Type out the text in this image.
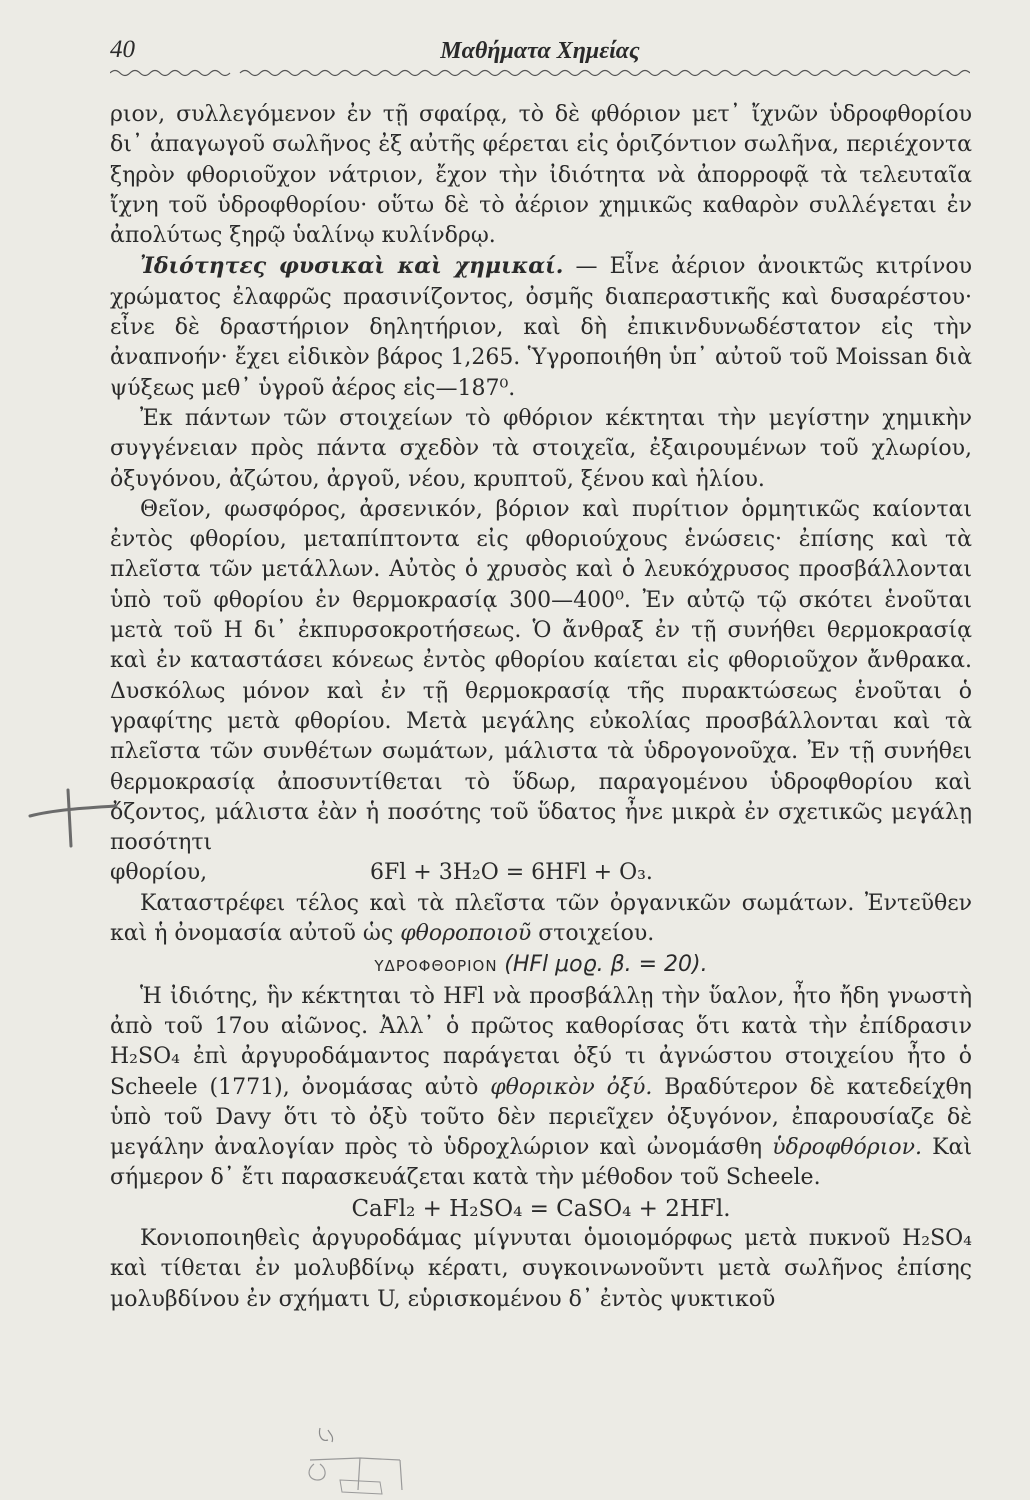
40	Μαθήματα Χημείας

ριον, συλλεγόμενον ἐν τῇ σφαίρᾳ, τὸ δὲ φθόριον μετ᾽ ἴχνῶν ὑδροφθορίου δι᾽ ἀπαγωγοῦ σωλῆνος ἐξ αὐτῆς φέρεται εἰς ὁριζόντιον σωλῆνα, περιέχοντα ξηρὸν φθοριοῦχον νάτριον, ἔχον τὴν ἰδιότητα νὰ ἀπορροφᾷ τὰ τελευταῖα ἴχνη τοῦ ὑδροφθορίου· οὕτω δὲ τὸ ἀέριον χημικῶς καθαρὸν συλλέγεται ἐν ἀπολύτως ξηρῷ ὑαλίνῳ κυλίνδρῳ.

Ἰδιότητες φυσικαὶ καὶ χημικαί. — Εἶνε ἀέριον ἀνοικτῶς κιτρίνου χρώματος ἐλαφρῶς πρασινίζοντος, ὀσμῆς διαπεραστικῆς καὶ δυσαρέστου· εἶνε δὲ δραστήριον δηλητήριον, καὶ δὴ ἐπικινδυνωδέστατον εἰς τὴν ἀναπνοήν· ἔχει εἰδικὸν βάρος 1,265. Ὑγροποιήθη ὑπ᾽ αὐτοῦ τοῦ Moissan διὰ ψύξεως μεθ᾽ ὑγροῦ ἀέρος εἰς—187⁰.

Ἐκ πάντων τῶν στοιχείων τὸ φθόριον κέκτηται τὴν μεγίστην χημικὴν συγγένειαν πρὸς πάντα σχεδὸν τὰ στοιχεῖα, ἐξαιρουμένων τοῦ χλωρίου, ὀξυγόνου, ἀζώτου, ἀργοῦ, νέου, κρυπτοῦ, ξένου καὶ ἡλίου.

Θεῖον, φωσφόρος, ἀρσενικόν, βόριον καὶ πυρίτιον ὁρμητικῶς καίονται ἐντὸς φθορίου, μεταπίπτοντα εἰς φθοριούχους ἑνώσεις· ἐπίσης καὶ τὰ πλεῖστα τῶν μετάλλων. Αὐτὸς ὁ χρυσὸς καὶ ὁ λευκόχρυσος προσβάλλονται ὑπὸ τοῦ φθορίου ἐν θερμοκρασίᾳ 300—400⁰. Ἐν αὐτῷ τῷ σκότει ἑνοῦται μετὰ τοῦ Η δι᾽ ἐκπυρσοκροτήσεως. Ὁ ἄνθραξ ἐν τῇ συνήθει θερμοκρασίᾳ καὶ ἐν καταστάσει κόνεως ἐντὸς φθορίου καίεται εἰς φθοριοῦχον ἄνθρακα. Δυσκόλως μόνον καὶ ἐν τῇ θερμοκρασίᾳ τῆς πυρακτώσεως ἑνοῦται ὁ γραφίτης μετὰ φθορίου. Μετὰ μεγάλης εὐκολίας προσβάλλονται καὶ τὰ πλεῖστα τῶν συνθέτων σωμάτων, μάλιστα τὰ ὑδρογονοῦχα. Ἐν τῇ συνήθει θερμοκρασίᾳ ἀποσυντίθεται τὸ ὕδωρ, παραγομένου ὑδροφθορίου καὶ ὄζοντος, μάλιστα ἐὰν ἡ ποσότης τοῦ ὕδατος ἦνε μικρὰ ἐν σχετικῶς μεγάλῃ ποσότητι

φθορίου,	6Fl + 3H₂O = 6HFl + O₃.

Καταστρέφει τέλος καὶ τὰ πλεῖστα τῶν ὀργανικῶν σωμάτων. Ἐντεῦθεν καὶ ἡ ὀνομασία αὐτοῦ ὡς φθοροποιοῦ στοιχείου.

ΥΔΡΟΦΘΟΡΙΟΝ (HFl μοϱ. β. = 20).

Ἡ ἰδιότης, ἣν κέκτηται τὸ HFl νὰ προσβάλλῃ τὴν ὕαλον, ἦτο ἤδη γνωστὴ ἀπὸ τοῦ 17ου αἰῶνος. Ἀλλ᾽ ὁ πρῶτος καθορίσας ὅτι κατὰ τὴν ἐπίδρασιν H₂SO₄ ἐπὶ ἀργυροδάμαντος παράγεται ὀξύ τι ἀγνώστου στοιχείου ἦτο ὁ Scheele (1771), ὀνομάσας αὐτὸ φθορικὸν ὀξύ. Βραδύτερον δὲ κατεδείχθη ὑπὸ τοῦ Davy ὅτι τὸ ὀξὺ τοῦτο δὲν περιεῖχεν ὀξυγόνον, ἐπαρουσίαζε δὲ μεγάλην ἀναλογίαν πρὸς τὸ ὑδροχλώριον καὶ ὠνομάσθη ὑδροφθόριον. Καὶ σήμερον δ᾽ ἔτι παρασκευάζεται κατὰ τὴν μέθοδον τοῦ Scheele.

CaFl₂ + H₂SO₄ = CaSO₄ + 2HFl.

Κονιοποιηθεὶς ἀργυροδάμας μίγνυται ὁμοιομόρφως μετὰ πυκνοῦ H₂SO₄ καὶ τίθεται ἐν μολυβδίνῳ κέρατι, συγκοινωνοῦντι μετὰ σωλῆνος ἐπίσης μολυβδίνου ἐν σχήματι U, εὑρισκομένου δ᾽ ἐντὸς ψυκτικοῦ
